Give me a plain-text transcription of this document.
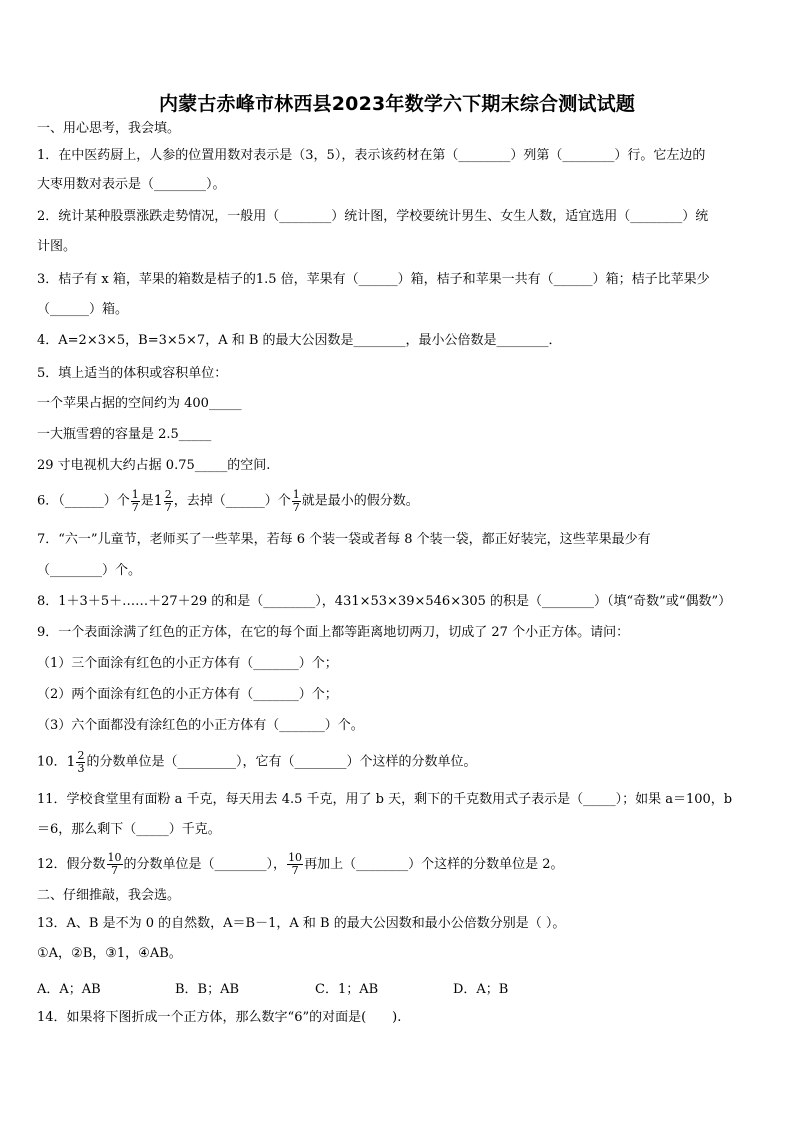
内蒙古赤峰市林西县2023年数学六下期末综合测试试题
一、用心思考，我会填。
1．在中医药厨上，人参的位置用数对表示是（3，5），表示该药材在第（________）列第（________）行。它左边的
大枣用数对表示是（________）。
2．统计某种股票涨跌走势情况，一般用（________）统计图，学校要统计男生、女生人数，适宜选用（________）统
计图。
3．桔子有 x 箱，苹果的箱数是桔子的1.5 倍，苹果有（______）箱，桔子和苹果一共有（______）箱；桔子比苹果少
（______）箱。
4．A=2×3×5，B=3×5×7，A 和 B 的最大公因数是________，最小公倍数是________．
5．填上适当的体积或容积单位：
一个苹果占据的空间约为 400_____
一大瓶雪碧的容量是 2.5_____
29 寸电视机大约占据 0.75_____的空间.
6．（______）个 $\frac{1}{7}$ 是$1 \frac{2}{7}$ ，去掉（______）个 $\frac{1}{7}$ 就是最小的假分数。
7．“六一”儿童节，老师买了一些苹果，若每 6 个装一袋或者每 8 个装一袋，都正好装完，这些苹果最少有
（________）个。
8．1＋3＋5＋……＋27＋29 的和是（________），431×53×39×546×305 的积是（________）（填“奇数”或“偶数”）
9．一个表面涂满了红色的正方体，在它的每个面上都等距离地切两刀，切成了 27 个小正方体。请问：
（1）三个面涂有红色的小正方体有（_______）个；
（2）两个面涂有红色的小正方体有（_______）个；
（3）六个面都没有涂红色的小正方体有（_______）个。
10．$1 \frac{2}{3}$ 的分数单位是（_________），它有（________）个这样的分数单位。
11．学校食堂里有面粉 a 千克，每天用去 4.5 千克，用了 b 天，剩下的千克数用式子表示是（_____）；如果 a＝100，b
＝6，那么剩下（_____）千克。
12．假分数 $\frac{10}{7}$ 的分数单位是（________）， $\frac{10}{7}$ 再加上（________）个这样的分数单位是 2。
二、仔细推敲，我会选。
13．A、B 是不为 0 的自然数，A＝B－1，A 和 B 的最大公因数和最小公倍数分别是（ ）。
①A，②B，③1，④AB。
A．A；AB	B．B；AB	C．1；AB	D．A；B
14．如果将下图折成一个正方体，那么数字“6”的对面是(　　).
